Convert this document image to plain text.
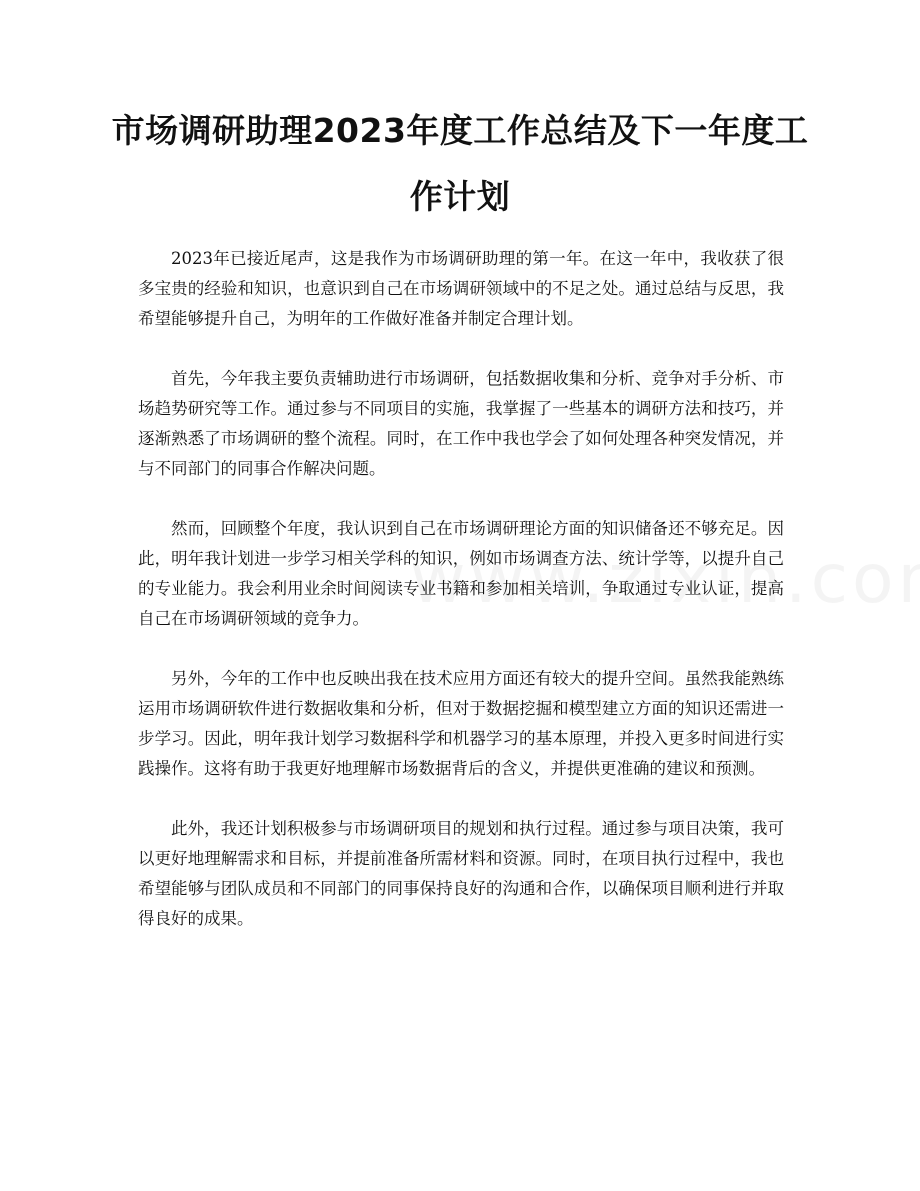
市场调研助理2023年度工作总结及下一年度工作计划

2023年已接近尾声，这是我作为市场调研助理的第一年。在这一年中，我收获了很多宝贵的经验和知识，也意识到自己在市场调研领域中的不足之处。通过总结与反思，我希望能够提升自己，为明年的工作做好准备并制定合理计划。

首先，今年我主要负责辅助进行市场调研，包括数据收集和分析、竞争对手分析、市场趋势研究等工作。通过参与不同项目的实施，我掌握了一些基本的调研方法和技巧，并逐渐熟悉了市场调研的整个流程。同时，在工作中我也学会了如何处理各种突发情况，并与不同部门的同事合作解决问题。

然而，回顾整个年度，我认识到自己在市场调研理论方面的知识储备还不够充足。因此，明年我计划进一步学习相关学科的知识，例如市场调查方法、统计学等，以提升自己的专业能力。我会利用业余时间阅读专业书籍和参加相关培训，争取通过专业认证，提高自己在市场调研领域的竞争力。

另外，今年的工作中也反映出我在技术应用方面还有较大的提升空间。虽然我能熟练运用市场调研软件进行数据收集和分析，但对于数据挖掘和模型建立方面的知识还需进一步学习。因此，明年我计划学习数据科学和机器学习的基本原理，并投入更多时间进行实践操作。这将有助于我更好地理解市场数据背后的含义，并提供更准确的建议和预测。

此外，我还计划积极参与市场调研项目的规划和执行过程。通过参与项目决策，我可以更好地理解需求和目标，并提前准备所需材料和资源。同时，在项目执行过程中，我也希望能够与团队成员和不同部门的同事保持良好的沟通和合作，以确保项目顺利进行并取得良好的成果。
